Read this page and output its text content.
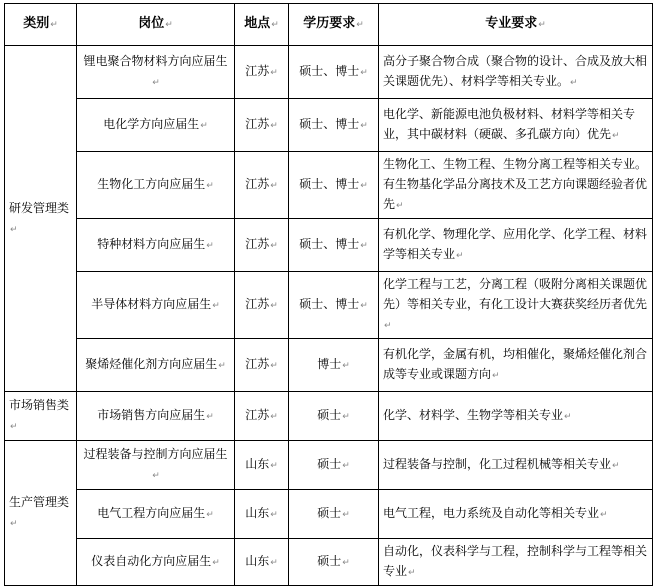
类别↵	岗位↵	地点↵	学历要求↵	专业要求↵
研发管理类↵	锂电聚合物材料方向应届生↵	江苏↵	硕士、博士↵	高分子聚合物合成（聚合物的设计、合成及放大相关课题优先）、材料学等相关专业。↵
	电化学方向应届生↵	江苏↵	硕士、博士↵	电化学、新能源电池负极材料、材料学等相关专业，其中碳材料（硬碳、多孔碳方向）优先↵
	生物化工方向应届生↵	江苏↵	硕士、博士↵	生物化工、生物工程、生物分离工程等相关专业。有生物基化学品分离技术及工艺方向课题经验者优先↵
	特种材料方向应届生↵	江苏↵	硕士、博士↵	有机化学、物理化学、应用化学、化学工程、材料学等相关专业↵
	半导体材料方向应届生↵	江苏↵	硕士、博士↵	化学工程与工艺，分离工程（吸附分离相关课题优先）等相关专业，有化工设计大赛获奖经历者优先↵
	聚烯烃催化剂方向应届生↵	江苏↵	博士↵	有机化学，金属有机，均相催化，聚烯烃催化剂合成等专业或课题方向↵
市场销售类↵	市场销售方向应届生↵	江苏↵	硕士↵	化学、材料学、生物学等相关专业↵
生产管理类↵	过程装备与控制方向应届生↵	山东↵	硕士↵	过程装备与控制，化工过程机械等相关专业↵
	电气工程方向应届生↵	山东↵	硕士↵	电气工程，电力系统及自动化等相关专业↵
	仪表自动化方向应届生↵	山东↵	硕士↵	自动化，仪表科学与工程，控制科学与工程等相关专业↵
